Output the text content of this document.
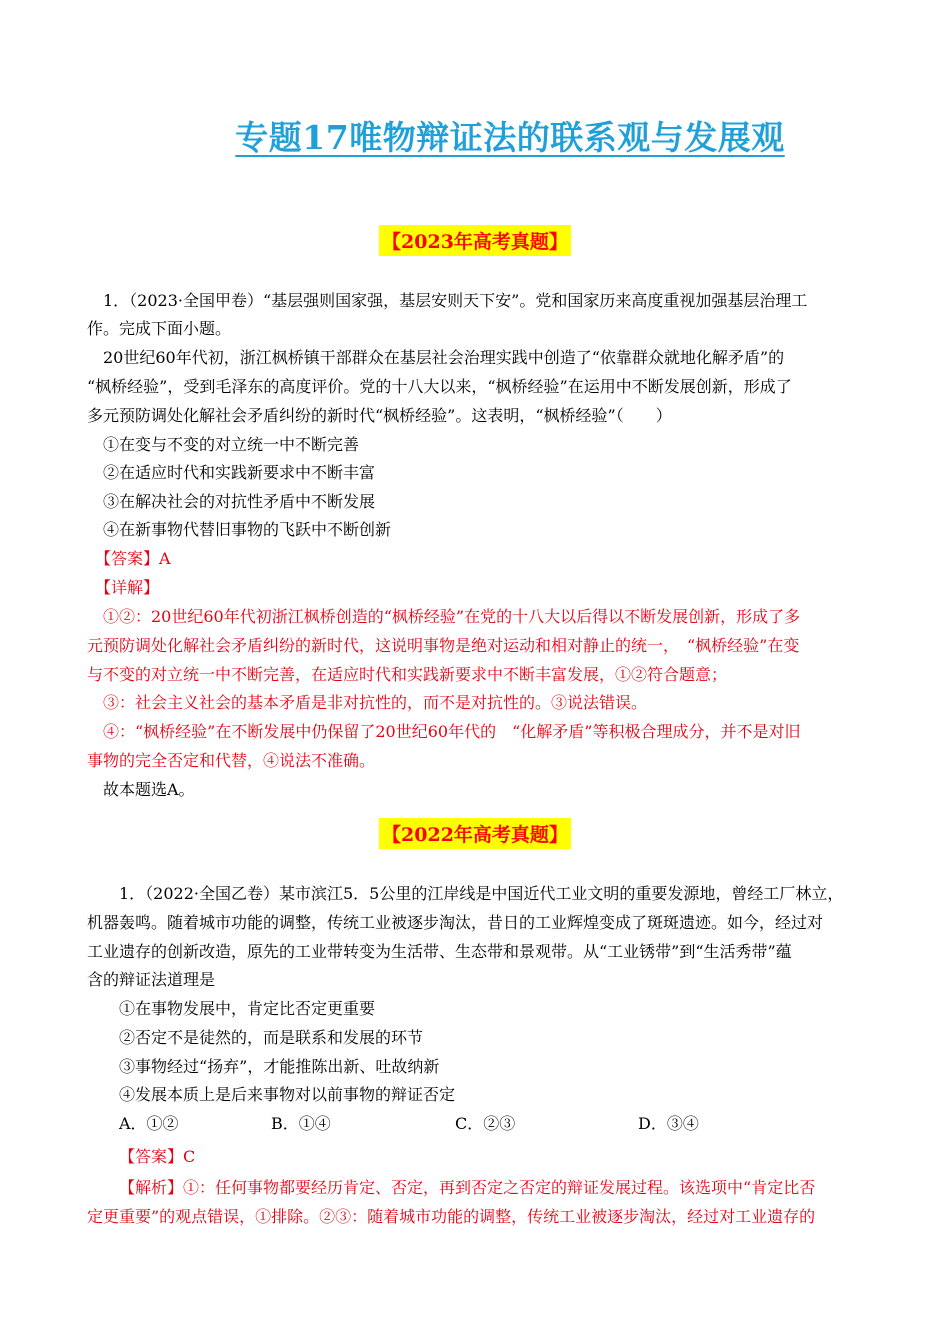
专题17唯物辩证法的联系观与发展观
【2023年高考真题】
1．（2023·全国甲卷）“基层强则国家强，基层安则天下安”。党和国家历来高度重视加强基层治理工
作。完成下面小题。
20世纪60年代初，浙江枫桥镇干部群众在基层社会治理实践中创造了“依靠群众就地化解矛盾”的
“枫桥经验”，受到毛泽东的高度评价。党的十八大以来，“枫桥经验”在运用中不断发展创新，形成了
多元预防调处化解社会矛盾纠纷的新时代“枫桥经验”。这表明，“枫桥经验”（　　）
①在变与不变的对立统一中不断完善
②在适应时代和实践新要求中不断丰富
③在解决社会的对抗性矛盾中不断发展
④在新事物代替旧事物的飞跃中不断创新
【答案】A
【详解】
①②：20世纪60年代初浙江枫桥创造的“枫桥经验”在党的十八大以后得以不断发展创新，形成了多
元预防调处化解社会矛盾纠纷的新时代，这说明事物是绝对运动和相对静止的统一，　“枫桥经验”在变
与不变的对立统一中不断完善，在适应时代和实践新要求中不断丰富发展，①②符合题意；
③：社会主义社会的基本矛盾是非对抗性的，而不是对抗性的。③说法错误。
④：“枫桥经验”在不断发展中仍保留了20世纪60年代的　“化解矛盾”等积极合理成分，并不是对旧
事物的完全否定和代替，④说法不准确。
故本题选A。
【2022年高考真题】
1．（2022·全国乙卷）某市滨江5．5公里的江岸线是中国近代工业文明的重要发源地，曾经工厂林立，
机器轰鸣。随着城市功能的调整，传统工业被逐步淘汰，昔日的工业辉煌变成了斑斑遗迹。如今，经过对
工业遗存的创新改造，原先的工业带转变为生活带、生态带和景观带。从“工业锈带”到“生活秀带”蕴
含的辩证法道理是
①在事物发展中，肯定比否定更重要
②否定不是徒然的，而是联系和发展的环节
③事物经过“扬弃”，才能推陈出新、吐故纳新
④发展本质上是后来事物对以前事物的辩证否定
A．①②	B．①④	C．②③	D．③④
【答案】C
【解析】①：任何事物都要经历肯定、否定，再到否定之否定的辩证发展过程。该选项中“肯定比否
定更重要”的观点错误，①排除。②③：随着城市功能的调整，传统工业被逐步淘汰，经过对工业遗存的
